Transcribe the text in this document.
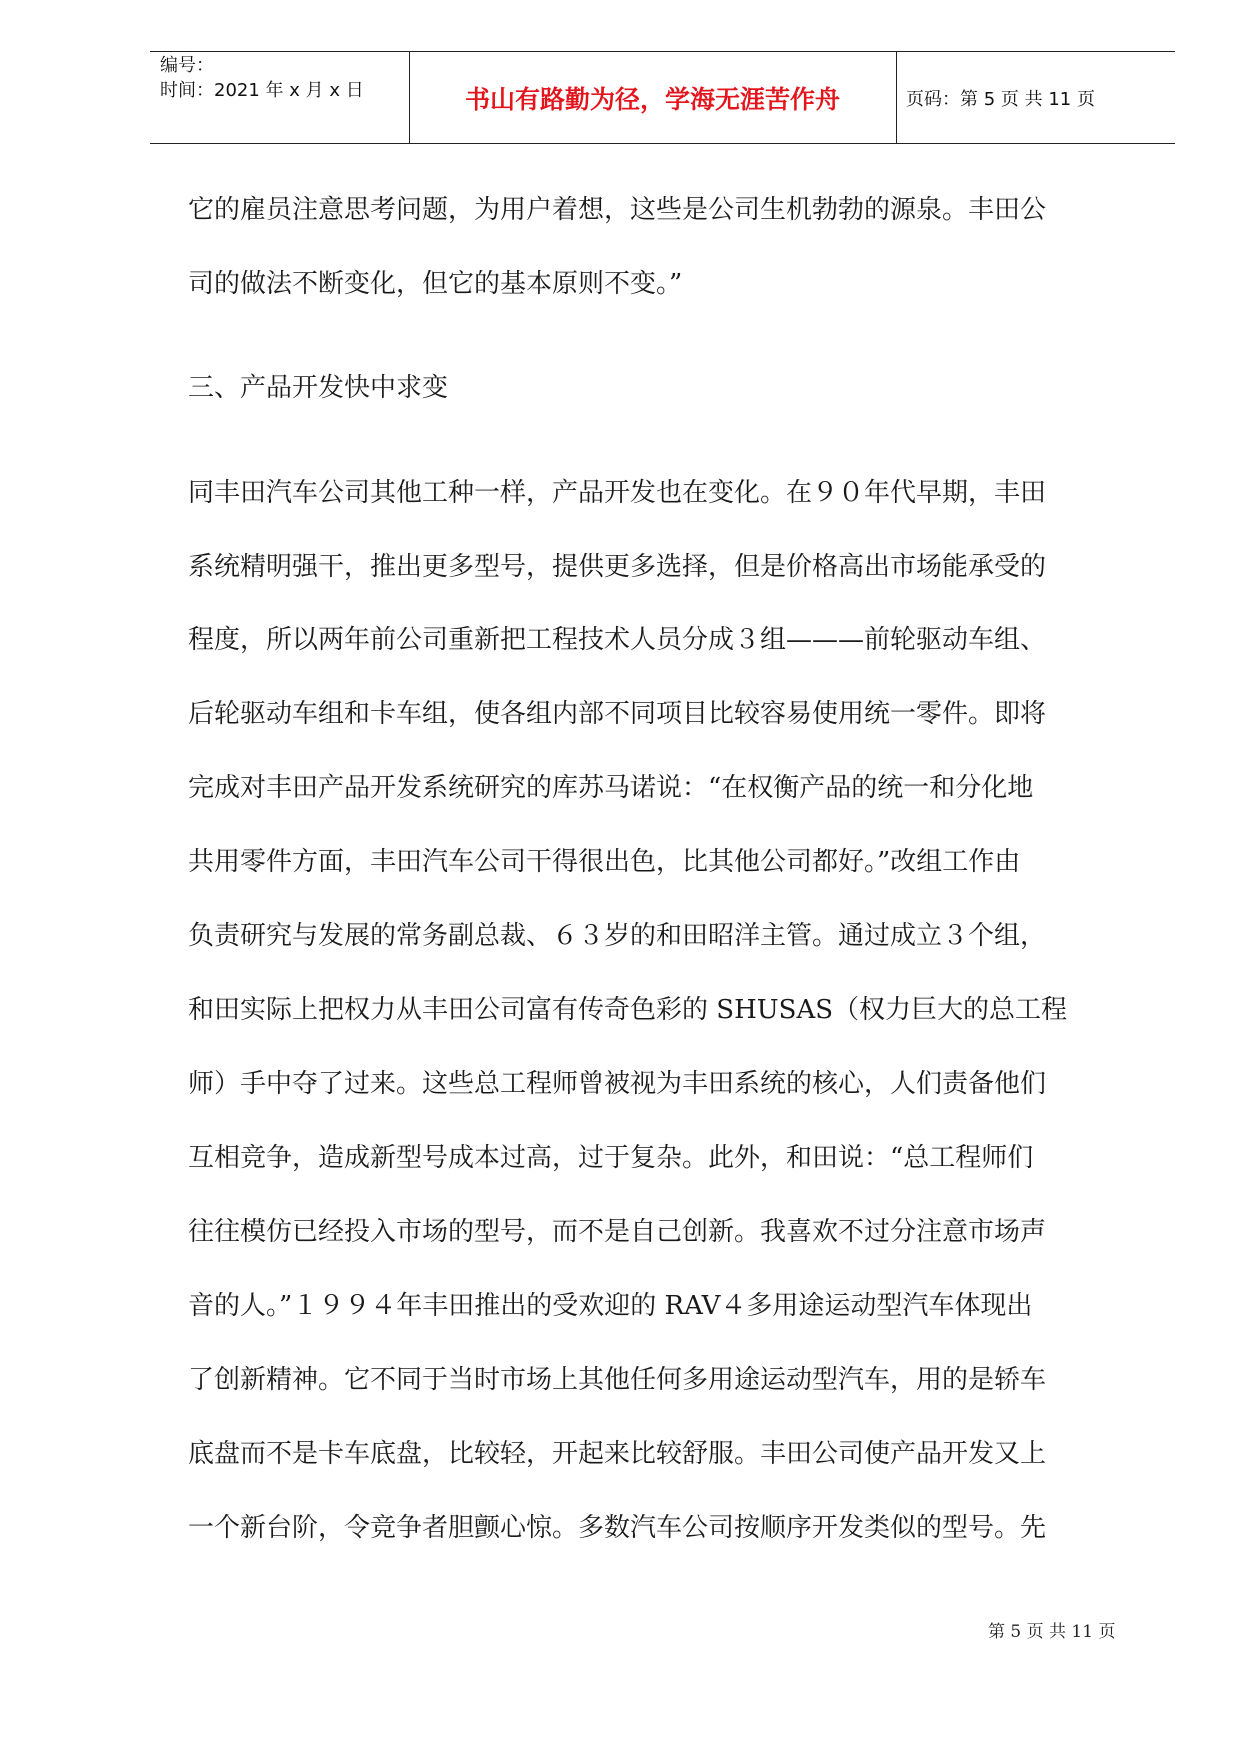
编号：
时间：2021 年 x 月 x 日	书山有路勤为径，学海无涯苦作舟	页码：第 5 页 共 11 页
它的雇员注意思考问题，为用户着想，这些是公司生机勃勃的源泉。丰田公
司的做法不断变化，但它的基本原则不变。”
三、产品开发快中求变
同丰田汽车公司其他工种一样，产品开发也在变化。在９０年代早期，丰田
系统精明强干，推出更多型号，提供更多选择，但是价格高出市场能承受的
程度，所以两年前公司重新把工程技术人员分成３组———前轮驱动车组、
后轮驱动车组和卡车组，使各组内部不同项目比较容易使用统一零件。即将
完成对丰田产品开发系统研究的库苏马诺说：“在权衡产品的统一和分化地
共用零件方面，丰田汽车公司干得很出色，比其他公司都好。”改组工作由
负责研究与发展的常务副总裁、６３岁的和田昭洋主管。通过成立３个组，
和田实际上把权力从丰田公司富有传奇色彩的 SHUSAS（权力巨大的总工程
师）手中夺了过来。这些总工程师曾被视为丰田系统的核心，人们责备他们
互相竞争，造成新型号成本过高，过于复杂。此外，和田说：“总工程师们
往往模仿已经投入市场的型号，而不是自己创新。我喜欢不过分注意市场声
音的人。”１９９４年丰田推出的受欢迎的 RAV４多用途运动型汽车体现出
了创新精神。它不同于当时市场上其他任何多用途运动型汽车，用的是轿车
底盘而不是卡车底盘，比较轻，开起来比较舒服。丰田公司使产品开发又上
一个新台阶，令竞争者胆颤心惊。多数汽车公司按顺序开发类似的型号。先
第 5 页 共 11 页
